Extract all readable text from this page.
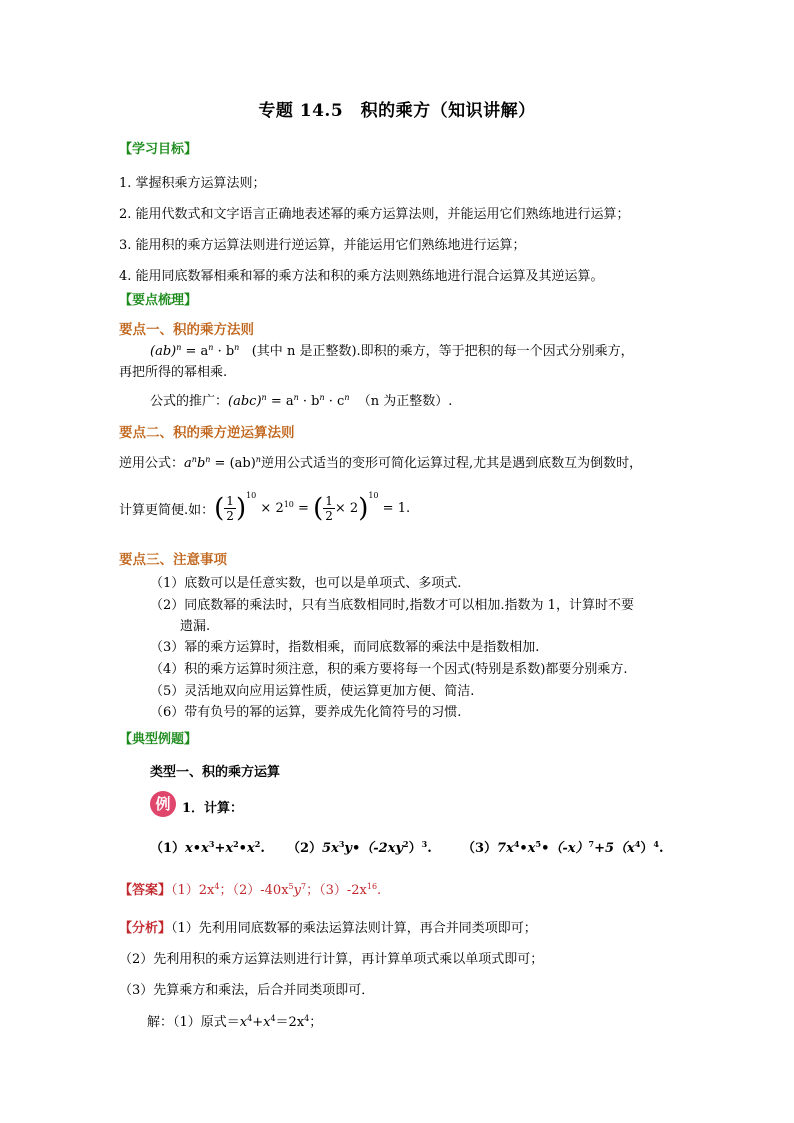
专题 14.5　积的乘方（知识讲解）
【学习目标】
1. 掌握积乘方运算法则；
2. 能用代数式和文字语言正确地表述幂的乘方运算法则，并能运用它们熟练地进行运算；
3. 能用积的乘方运算法则进行逆运算，并能运用它们熟练地进行运算；
4. 能用同底数幂相乘和幂的乘方法和积的乘方法则熟练地进行混合运算及其逆运算。
【要点梳理】
要点一、积的乘方法则
$(ab)^n = a^n \cdot b^n$ (其中 n 是正整数).即积的乘方，等于把积的每一个因式分别乘方，
再把所得的幂相乘.
公式的推广：$(abc)^n = a^n \cdot b^n \cdot c^n$ （n 为正整数）.
要点二、积的乘方逆运算法则
逆用公式：$a^nb^n = (ab)^n$逆用公式适当的变形可简化运算过程,尤其是遇到底数互为倒数时，
计算更简便.如：( $\frac{1}{2} )^{10} \times 2^{10}$ = ( $\frac{1}{2} \times 2)^{10} = 1$.
要点三、注意事项
（1）底数可以是任意实数，也可以是单项式、多项式.
（2）同底数幂的乘法时，只有当底数相同时,指数才可以相加.指数为 1，计算时不要
遗漏.
（3）幂的乘方运算时，指数相乘，而同底数幂的乘法中是指数相加.
（4）积的乘方运算时须注意，积的乘方要将每一个因式(特别是系数)都要分别乘方.
（5）灵活地双向应用运算性质，使运算更加方便、简洁.
（6）带有负号的幂的运算，要养成先化简符号的习惯.
【典型例题】
类型一、积的乘方运算
例 1．计算：
$(1)x•x^3+x^2•x^2$. $(2)5x^3y•(-2xy^2)^3$. $(3)7x^4•x^5•(-x)^7+5(x^4)^4$.
【答案】$(1)2x^4$；$(2)-40x^5y^7$；$(3)-2x^{16}$.
【分析】（1）先利用同底数幂的乘法运算法则计算，再合并同类项即可；
（2）先利用积的乘方运算法则进行计算，再计算单项式乘以单项式即可；
（3）先算乘方和乘法，后合并同类项即可．
解：（1）原式$=x^4+x^4=2x^4$；
